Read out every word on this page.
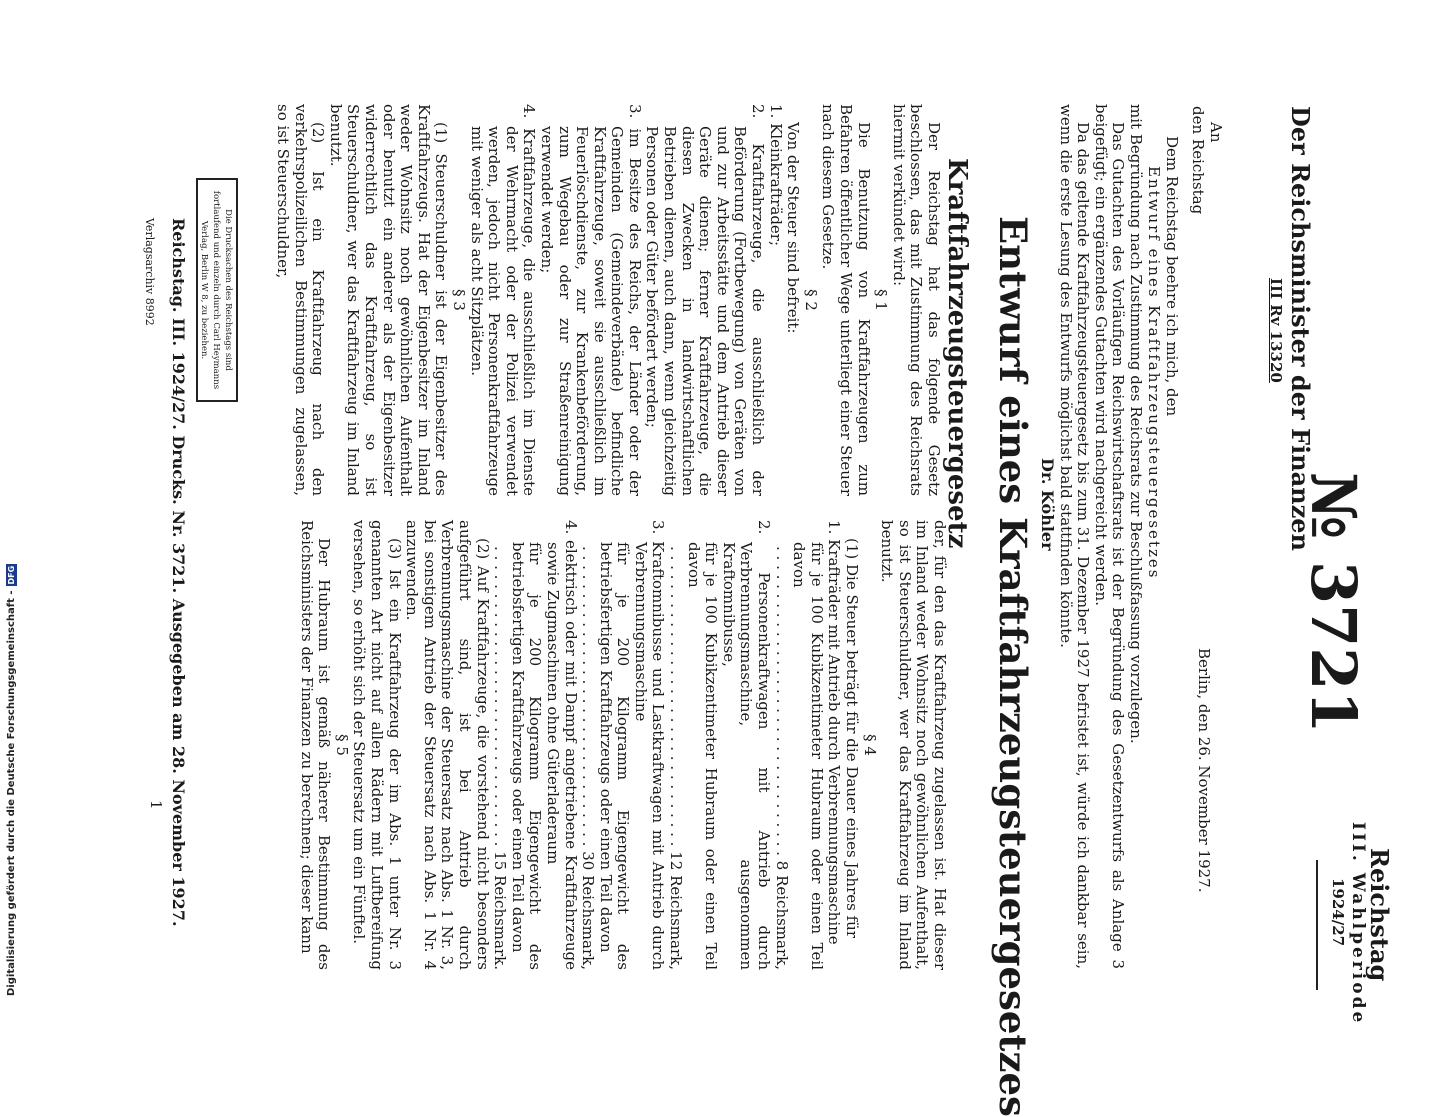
Digitalisierung gefördert durch die Deutsche Forschungsgemeinschaft -
DFG
Reichstag
III. Wahlperiode
1924/27
№ 3721
Der Reichsminister der Finanzen
III Rv 13320
Berlin, den 26. November 1927.
An
den Reichstag
Dem Reichstag beehre ich mich, den
Entwurf eines Kraftfahrzeugsteuergesetzes

mit Begründung nach Zustimmung des Reichsrats zur Beschlußfassung vorzulegen.

Das Gutachten des Vorläufigen Reichswirtschaftsrats ist der Begründung des Gesetzentwurfs als Anlage 3 beigefügt; ein ergänzendes Gutachten wird nachgereicht werden.

Da das geltende Kraftfahrzeugsteuergesetz bis zum 31. Dezember 1927 befristet ist, würde ich dankbar sein, wenn die erste Lesung des Entwurfs möglichst bald stattfinden könnte.

Dr. Köhler
Entwurf eines Kraftfahrzeugsteuergesetzes
Kraftfahrzeugsteuergesetz

Der Reichstag hat das folgende Gesetz beschlossen, das mit Zustimmung des Reichsrats hiermit verkündet wird:

§ 1

Die Benutzung von Kraftfahrzeugen zum Befahren öffentlicher Wege unterliegt einer Steuer nach diesem Gesetze.

§ 2

Von der Steuer sind befreit:

1. Kleinkrafträder;

2. Kraftfahrzeuge, die ausschließlich der Beförderung (Fortbewegung) von Geräten von und zur Arbeitsstätte und dem Antrieb dieser Geräte dienen; ferner Kraftfahrzeuge, die diesen Zwecken in landwirtschaftlichen Betrieben dienen, auch dann, wenn gleichzeitig Personen oder Güter befördert werden;

3. im Besitze des Reichs, der Länder oder der Gemeinden (Gemeindeverbände) befindliche Kraftfahrzeuge, soweit sie ausschließlich im Feuerlöschdienste, zur Krankenbeförderung, zum Wegebau oder zur Straßenreinigung verwendet werden;

4. Kraftfahrzeuge, die ausschließlich im Dienste der Wehrmacht oder der Polizei verwendet werden, jedoch nicht Personenkraftfahrzeuge mit weniger als acht Sitzplätzen.

§ 3

(1) Steuerschuldner ist der Eigenbesitzer des Kraftfahrzeugs. Hat der Eigenbesitzer im Inland weder Wohnsitz noch gewöhnlichen Aufenthalt oder benutzt ein anderer als der Eigenbesitzer widerrechtlich das Kraftfahrzeug, so ist Steuerschuldner, wer das Kraftfahrzeug im Inland benutzt.

(2) Ist ein Kraftfahrzeug nach den verkehrspolizeilichen Bestimmungen zugelassen, so ist Steuerschuldner,

der, für den das Kraftfahrzeug zugelassen ist. Hat dieser im Inland weder Wohnsitz noch gewöhnlichen Aufenthalt, so ist Steuerschuldner, wer das Kraftfahrzeug im Inland benutzt.

§ 4

(1) Die Steuer beträgt für die Dauer eines Jahres für

1. Krafträder mit Antrieb durch Verbrennungsmaschine

für je 100 Kubikzentimeter Hubraum oder einen Teil davon
. . .
8 Reichsmark,

2. Personenkraftwagen mit Antrieb durch Verbrennungsmaschine, ausgenommen Kraftomnibusse,

für je 100 Kubikzentimeter Hubraum oder einen Teil davon
. . .
12 Reichsmark,

3. Kraftomnibusse und Lastkraftwagen mit Antrieb durch Verbrennungsmaschine

für je 200 Kilogramm Eigengewicht des betriebsfertigen Kraftfahrzeugs oder einen Teil davon
. . .
30 Reichsmark,

4. elektrisch oder mit Dampf angetriebene Kraftfahrzeuge sowie Zugmaschinen ohne Güterladeraum

für je 200 Kilogramm Eigengewicht des betriebsfertigen Kraftfahrzeugs oder einen Teil davon
. . .
15 Reichsmark.

(2) Auf Kraftfahrzeuge, die vorstehend nicht besonders aufgeführt sind, ist bei Antrieb durch Verbrennungsmaschine der Steuersatz nach Abs. 1 Nr. 3, bei sonstigem Antrieb der Steuersatz nach Abs. 1 Nr. 4 anzuwenden.

(3) Ist ein Kraftfahrzeug der im Abs. 1 unter Nr. 3 genannten Art nicht auf allen Rädern mit Luftbereifung versehen, so erhöht sich der Steuersatz um ein Fünftel.

§ 5

Der Hubraum ist gemäß näherer Bestimmung des Reichsministers der Finanzen zu berechnen; dieser kann

Die Drucksachen des Reichstags sind fortlaufend und einzeln durch Carl Heymanns Verlag, Berlin W 8, zu beziehen.
Reichstag. III. 1924/27. Drucks. Nr. 3721. Ausgegeben am 28. November 1927.
Verlagsarchiv 8992
1
